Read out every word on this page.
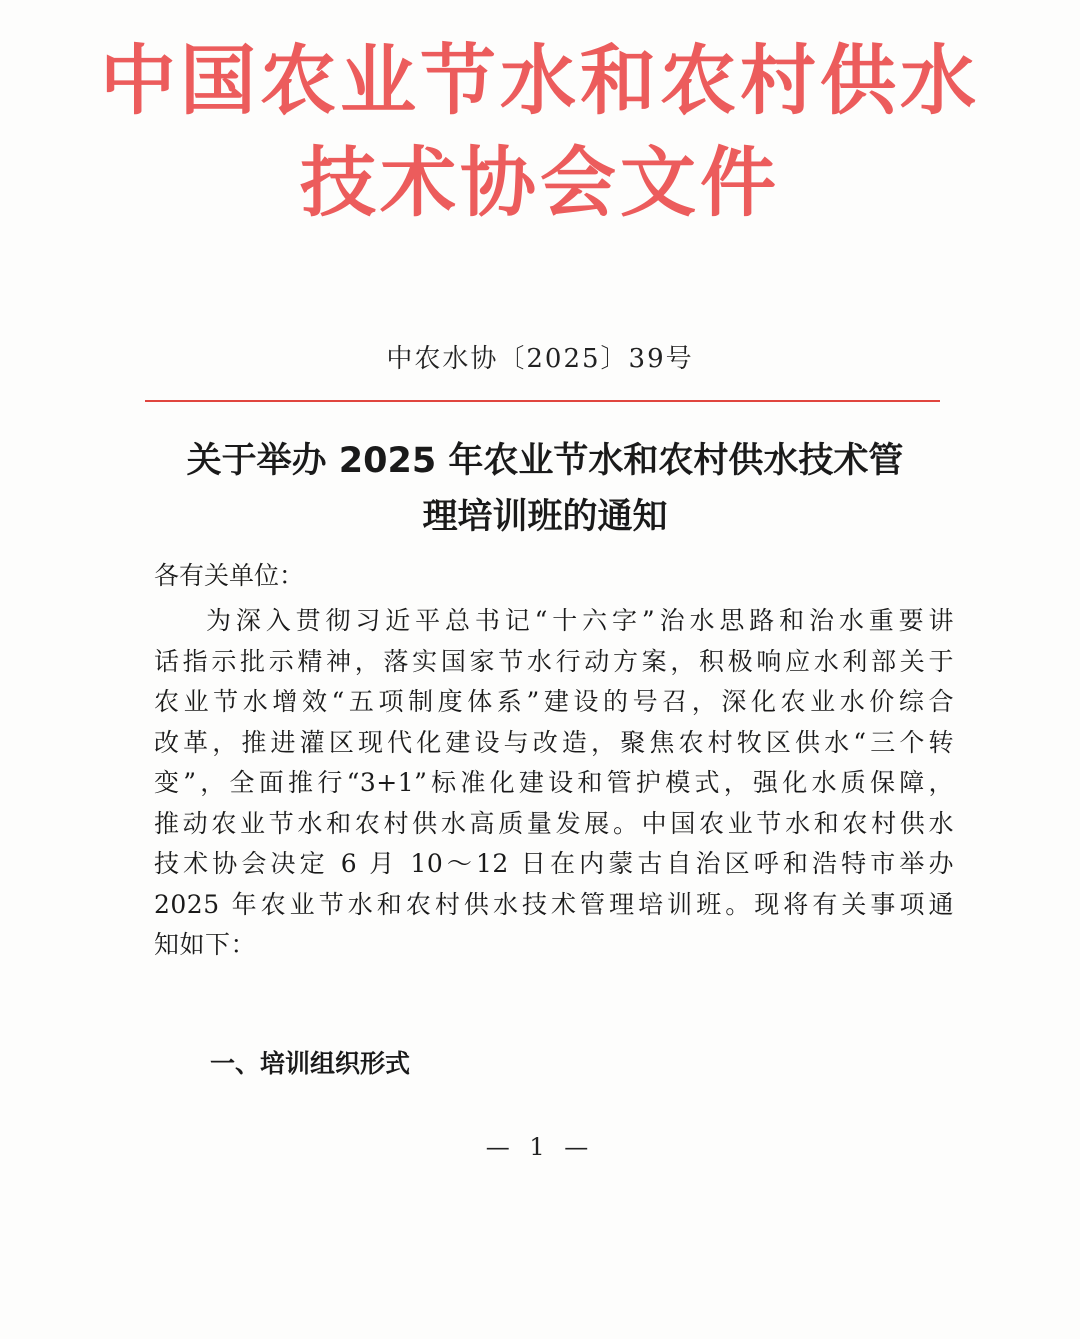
中国农业节水和农村供水
技术协会文件
中农水协〔2025〕39号
关于举办 2025 年农业节水和农村供水技术管
理培训班的通知
各有关单位：
为深入贯彻习近平总书记“十六字”治水思路和治水重要讲
话指示批示精神，落实国家节水行动方案，积极响应水利部关于
农业节水增效“五项制度体系”建设的号召，深化农业水价综合
改革，推进灌区现代化建设与改造，聚焦农村牧区供水“三个转
变”，全面推行“3+1”标准化建设和管护模式，强化水质保障，
推动农业节水和农村供水高质量发展。中国农业节水和农村供水
技术协会决定 6 月 10～12 日在内蒙古自治区呼和浩特市举办
2025 年农业节水和农村供水技术管理培训班。现将有关事项通
知如下：
一、培训组织形式
— 1 —
